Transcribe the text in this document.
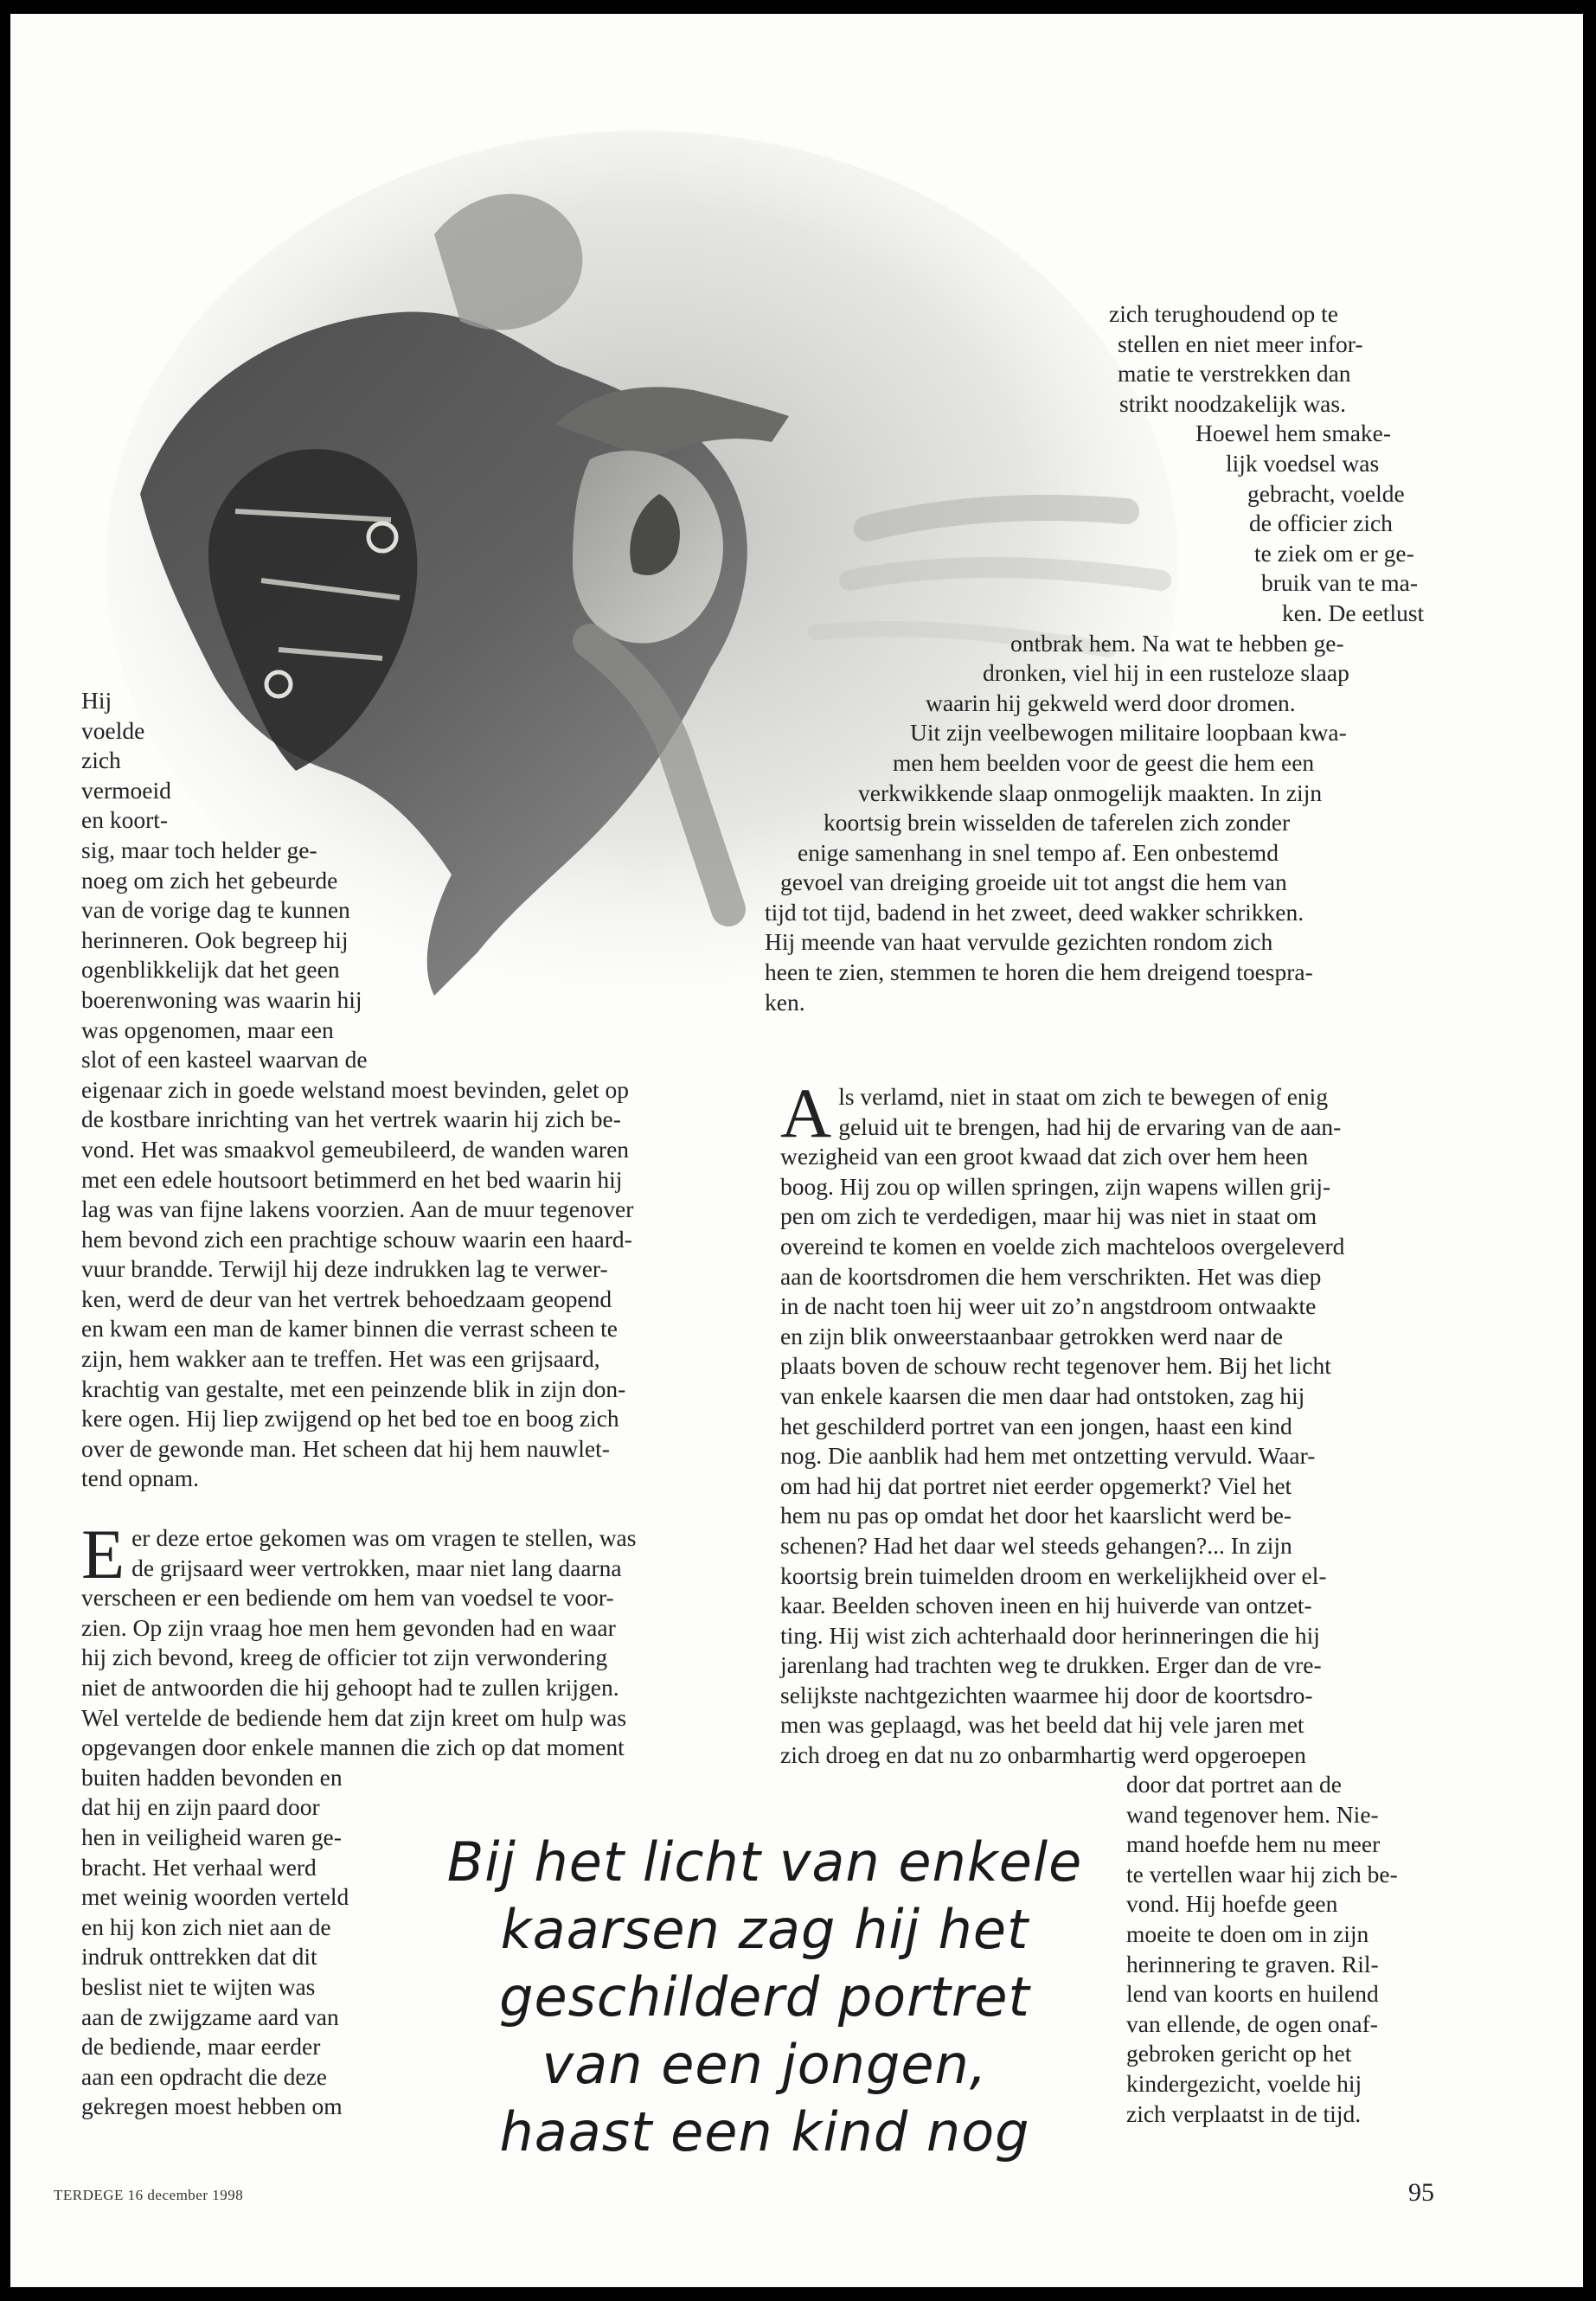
zich terughoudend op te
stellen en niet meer infor-
matie te verstrekken dan
strikt noodzakelijk was.
Hoewel hem smake-
lijk voedsel was
gebracht, voelde
de officier zich
te ziek om er ge-
bruik van te ma-
ken. De eetlust
ontbrak hem. Na wat te hebben ge-
dronken, viel hij in een rusteloze slaap
waarin hij gekweld werd door dromen.
Uit zijn veelbewogen militaire loopbaan kwa-
men hem beelden voor de geest die hem een
verkwikkende slaap onmogelijk maakten. In zijn
koortsig brein wisselden de taferelen zich zonder
enige samenhang in snel tempo af. Een onbestemd
gevoel van dreiging groeide uit tot angst die hem van
tijd tot tijd, badend in het zweet, deed wakker schrikken.
Hij meende van haat vervulde gezichten rondom zich
heen te zien, stemmen te horen die hem dreigend toespra-
ken.
Hij
voelde
zich
vermoeid
en koort-
sig, maar toch helder ge-
noeg om zich het gebeurde
van de vorige dag te kunnen
herinneren. Ook begreep hij
ogenblikkelijk dat het geen
boerenwoning was waarin hij
was opgenomen, maar een
slot of een kasteel waarvan de
eigenaar zich in goede welstand moest bevinden, gelet op
de kostbare inrichting van het vertrek waarin hij zich be-
vond. Het was smaakvol gemeubileerd, de wanden waren
met een edele houtsoort betimmerd en het bed waarin hij
lag was van fijne lakens voorzien. Aan de muur tegenover
hem bevond zich een prachtige schouw waarin een haard-
vuur brandde. Terwijl hij deze indrukken lag te verwer-
ken, werd de deur van het vertrek behoedzaam geopend
en kwam een man de kamer binnen die verrast scheen te
zijn, hem wakker aan te treffen. Het was een grijsaard,
krachtig van gestalte, met een peinzende blik in zijn don-
kere ogen. Hij liep zwijgend op het bed toe en boog zich
over de gewonde man. Het scheen dat hij hem nauwlet-
tend opnam.
E er deze ertoe gekomen was om vragen te stellen, was
de grijsaard weer vertrokken, maar niet lang daarna
verscheen er een bediende om hem van voedsel te voor-
zien. Op zijn vraag hoe men hem gevonden had en waar
hij zich bevond, kreeg de officier tot zijn verwondering
niet de antwoorden die hij gehoopt had te zullen krijgen.
Wel vertelde de bediende hem dat zijn kreet om hulp was
opgevangen door enkele mannen die zich op dat moment
buiten hadden bevonden en
dat hij en zijn paard door
hen in veiligheid waren ge-
bracht. Het verhaal werd
met weinig woorden verteld
en hij kon zich niet aan de
indruk onttrekken dat dit
beslist niet te wijten was
aan de zwijgzame aard van
de bediende, maar eerder
aan een opdracht die deze
gekregen moest hebben om
A ls verlamd, niet in staat om zich te bewegen of enig
geluid uit te brengen, had hij de ervaring van de aan-
wezigheid van een groot kwaad dat zich over hem heen
boog. Hij zou op willen springen, zijn wapens willen grij-
pen om zich te verdedigen, maar hij was niet in staat om
overeind te komen en voelde zich machteloos overgeleverd
aan de koortsdromen die hem verschrikten. Het was diep
in de nacht toen hij weer uit zo’n angstdroom ontwaakte
en zijn blik onweerstaanbaar getrokken werd naar de
plaats boven de schouw recht tegenover hem. Bij het licht
van enkele kaarsen die men daar had ontstoken, zag hij
het geschilderd portret van een jongen, haast een kind
nog. Die aanblik had hem met ontzetting vervuld. Waar-
om had hij dat portret niet eerder opgemerkt? Viel het
hem nu pas op omdat het door het kaarslicht werd be-
schenen? Had het daar wel steeds gehangen?... In zijn
koortsig brein tuimelden droom en werkelijkheid over el-
kaar. Beelden schoven ineen en hij huiverde van ontzet-
ting. Hij wist zich achterhaald door herinneringen die hij
jarenlang had trachten weg te drukken. Erger dan de vre-
selijkste nachtgezichten waarmee hij door de koortsdro-
men was geplaagd, was het beeld dat hij vele jaren met
zich droeg en dat nu zo onbarmhartig werd opgeroepen
door dat portret aan de
wand tegenover hem. Nie-
mand hoefde hem nu meer
te vertellen waar hij zich be-
vond. Hij hoefde geen
moeite te doen om in zijn
herinnering te graven. Ril-
lend van koorts en huilend
van ellende, de ogen onaf-
gebroken gericht op het
kindergezicht, voelde hij
zich verplaatst in de tijd.
Bij het licht van enkele
kaarsen zag hij het
geschilderd portret
van een jongen,
haast een kind nog
TERDEGE 16 december 1998	95
